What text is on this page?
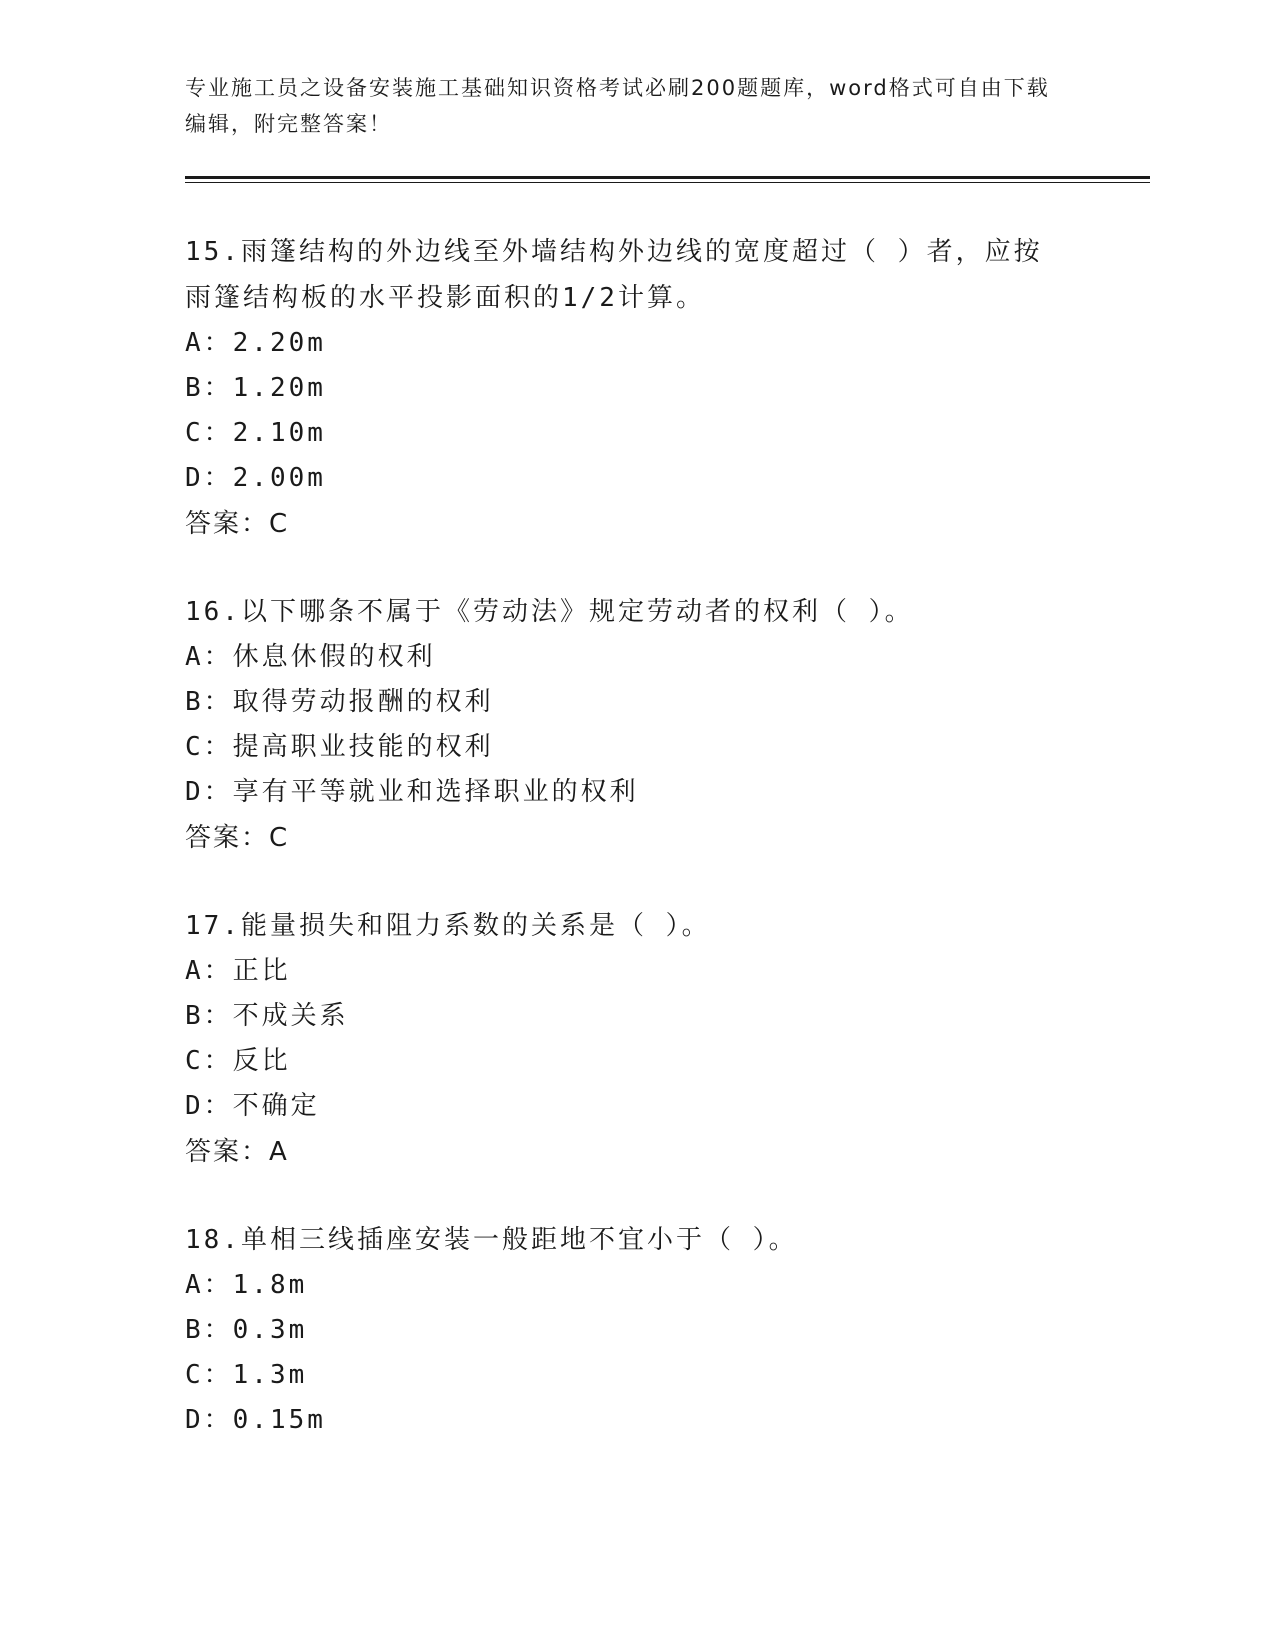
专业施工员之设备安装施工基础知识资格考试必刷200题题库，word格式可自由下载编辑，附完整答案！

15.雨篷结构的外边线至外墙结构外边线的宽度超过（ ）者，应按雨篷结构板的水平投影面积的1/2计算。

A：2.20m

B：1.20m

C：2.10m

D：2.00m

答案：C

16.以下哪条不属于《劳动法》规定劳动者的权利（ ）。

A：休息休假的权利

B：取得劳动报酬的权利

C：提高职业技能的权利

D：享有平等就业和选择职业的权利

答案：C

17.能量损失和阻力系数的关系是（ ）。

A：正比

B：不成关系

C：反比

D：不确定

答案：A

18.单相三线插座安装一般距地不宜小于（ ）。

A：1.8m

B：0.3m

C：1.3m

D：0.15m
